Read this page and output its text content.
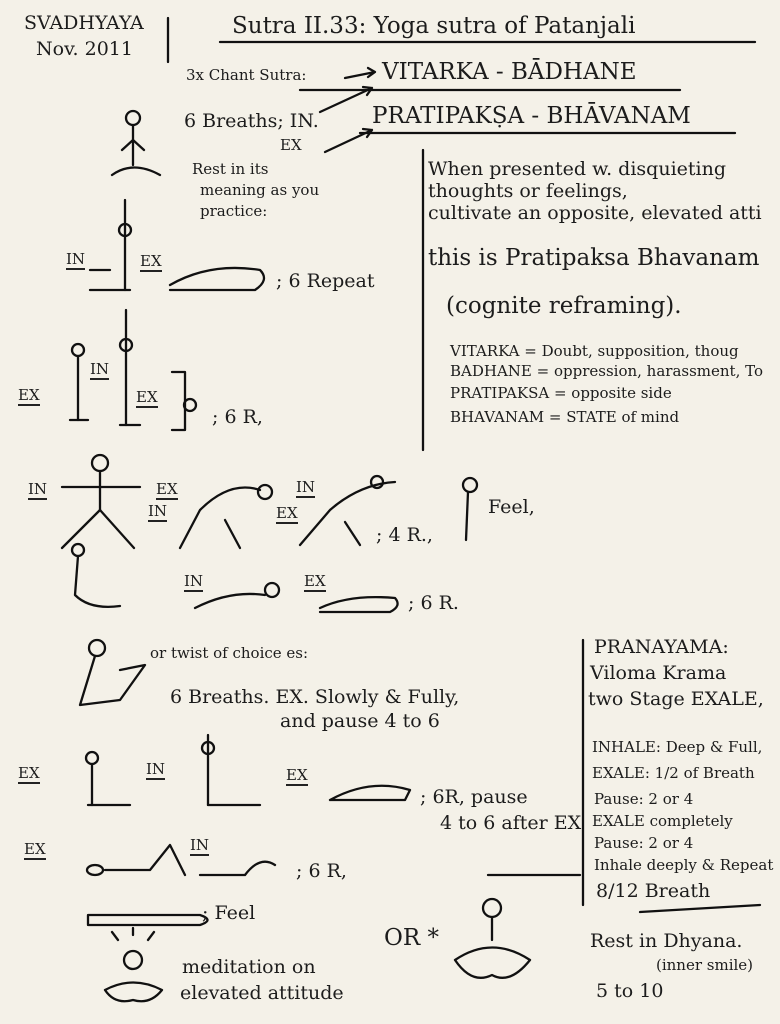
SVADHYAYA
Nov. 2011
Sutra II.33: Yoga sutra of Patanjali
3x Chant Sutra:	VITARKA - BĀDHANE
6 Breaths; IN.
EX
PRATIPAKṢA - BHĀVANAM
Rest in its
meaning as you
practice:
When presented w. disquieting
thoughts or feelings,
cultivate an opposite, elevated atti
this is Pratipaksa Bhavanam
(cognite reframing).
VITARKA = Doubt, supposition, thoug
BADHANE = oppression, harassment, To
PRATIPAKSA = opposite side
BHAVANAM = STATE of mind
IN	EX
; 6 Repeat
EX
IN
EX
; 6 R,
IN	EX
IN
IN
EX
; 4 R.,
Feel,
IN	EX
; 6 R.
or twist of choice es:
6 Breaths. EX. Slowly & Fully,
and pause 4 to 6
EX	IN	EX
; 6R, pause
4 to 6 after EX
EX	IN
; 6 R,
; Feel
meditation on
elevated attitude
OR *
PRANAYAMA:
Viloma Krama
two Stage EXALE,
INHALE: Deep & Full,
EXALE: 1/2 of Breath
Pause: 2 or 4
EXALE completely
Pause: 2 or 4
Inhale deeply & Repeat
8/12 Breath
Rest in Dhyana.
(inner smile)
5 to 10
